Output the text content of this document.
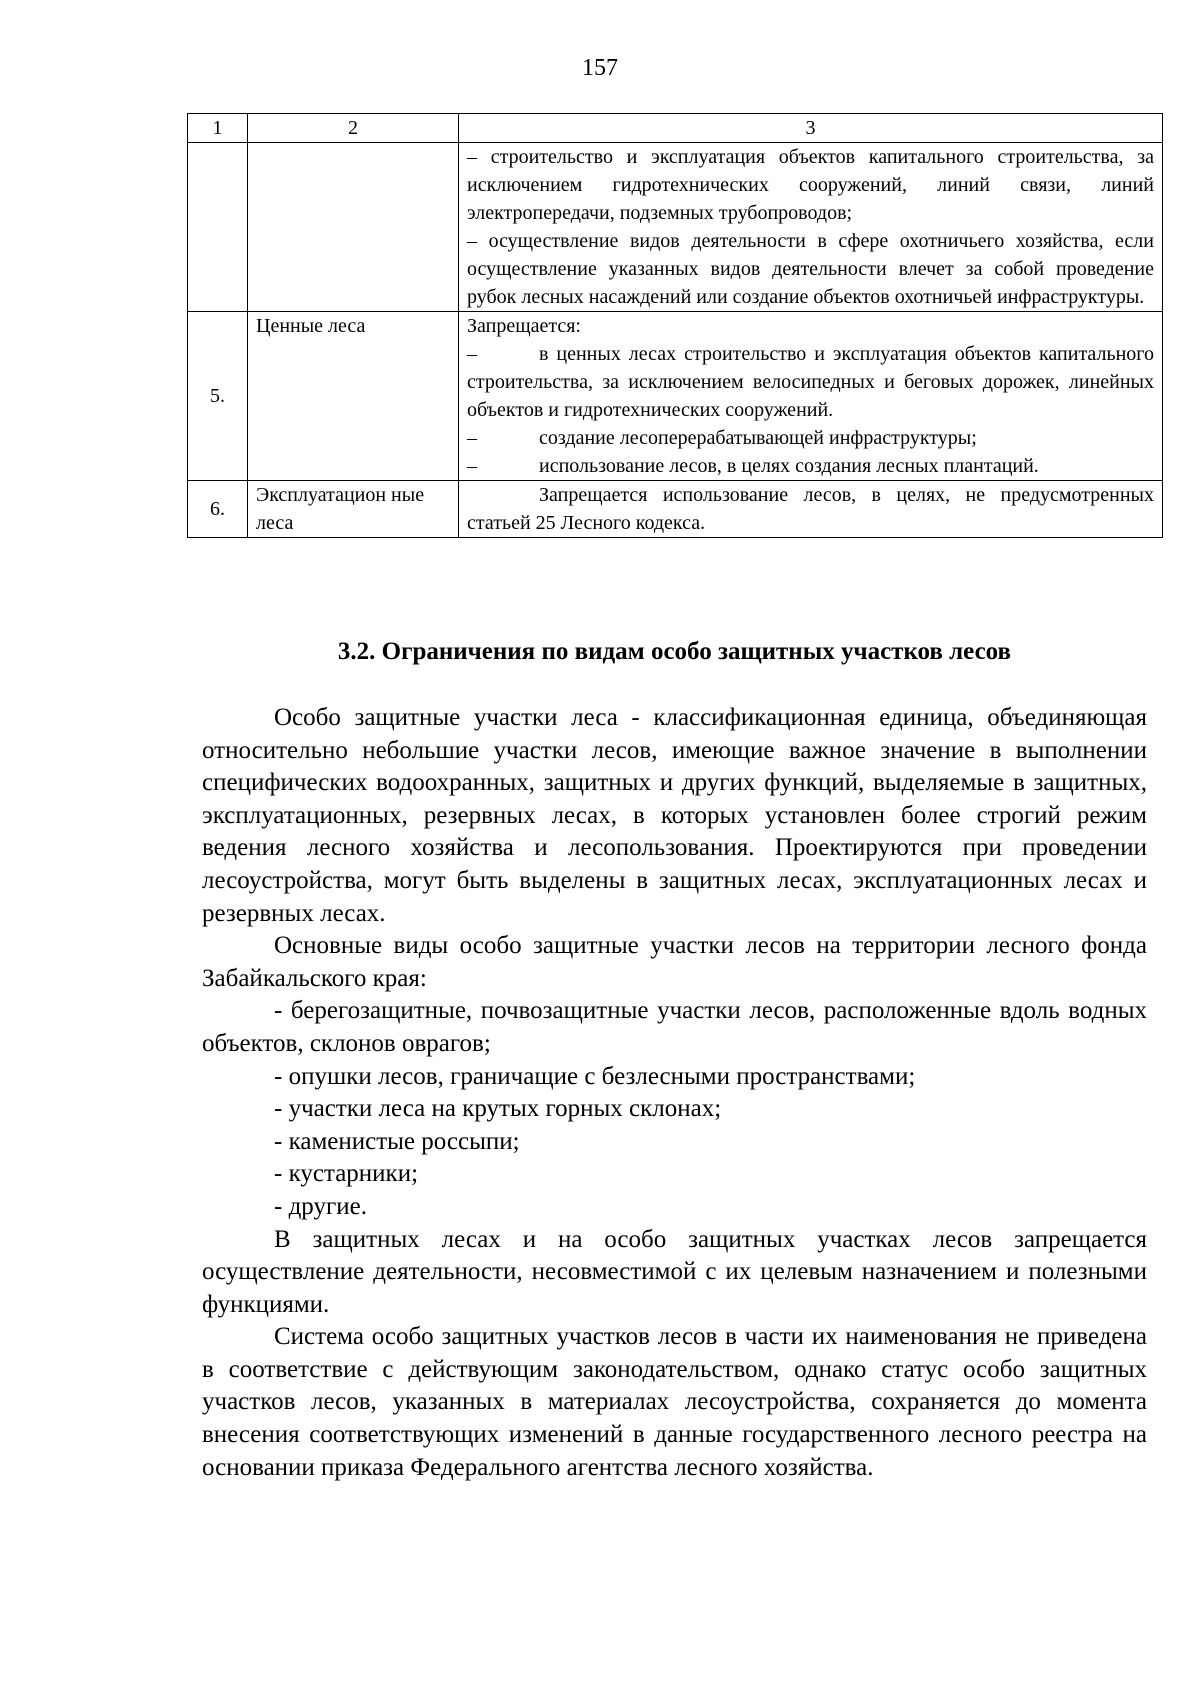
157
1	2	3

		– строительство и эксплуатация объектов капитального строительства, за исключением гидротехнических сооружений, линий связи, линий электропередачи, подземных трубопроводов;
– осуществление видов деятельности в сфере охотничьего хозяйства, если осуществление указанных видов деятельности влечет за собой проведение рубок лесных насаждений или создание объектов охотничьей инфраструктуры.

5.	Ценные леса	Запрещается:
– в ценных лесах строительство и эксплуатация объектов капитального строительства, за исключением велосипедных и беговых дорожек, линейных объектов и гидротехнических сооружений.
– создание лесоперерабатывающей инфраструктуры;
– использование лесов, в целях создания лесных плантаций.

6.	Эксплуатацион ные леса	Запрещается использование лесов, в целях, не предусмотренных статьей 25 Лесного кодекса.
3.2. Ограничения по видам особо защитных участков лесов

Особо защитные участки леса - классификационная единица, объединяющая относительно небольшие участки лесов, имеющие важное значение в выполнении специфических водоохранных, защитных и других функций, выделяемые в защитных, эксплуатационных, резервных лесах, в которых установлен более строгий режим ведения лесного хозяйства и лесопользования. Проектируются при проведении лесоустройства, могут быть выделены в защитных лесах, эксплуатационных лесах и резервных лесах.

Основные виды особо защитные участки лесов на территории лесного фонда Забайкальского края:

- берегозащитные, почвозащитные участки лесов, расположенные вдоль водных объектов, склонов оврагов;

- опушки лесов, граничащие с безлесными пространствами;

- участки леса на крутых горных склонах;

- каменистые россыпи;

- кустарники;

- другие.

В защитных лесах и на особо защитных участках лесов запрещается осуществление деятельности, несовместимой с их целевым назначением и полезными функциями.

Система особо защитных участков лесов в части их наименования не приведена в соответствие с действующим законодательством, однако статус особо защитных участков лесов, указанных в материалах лесоустройства, сохраняется до момента внесения соответствующих изменений в данные государственного лесного реестра на основании приказа Федерального агентства лесного хозяйства.
